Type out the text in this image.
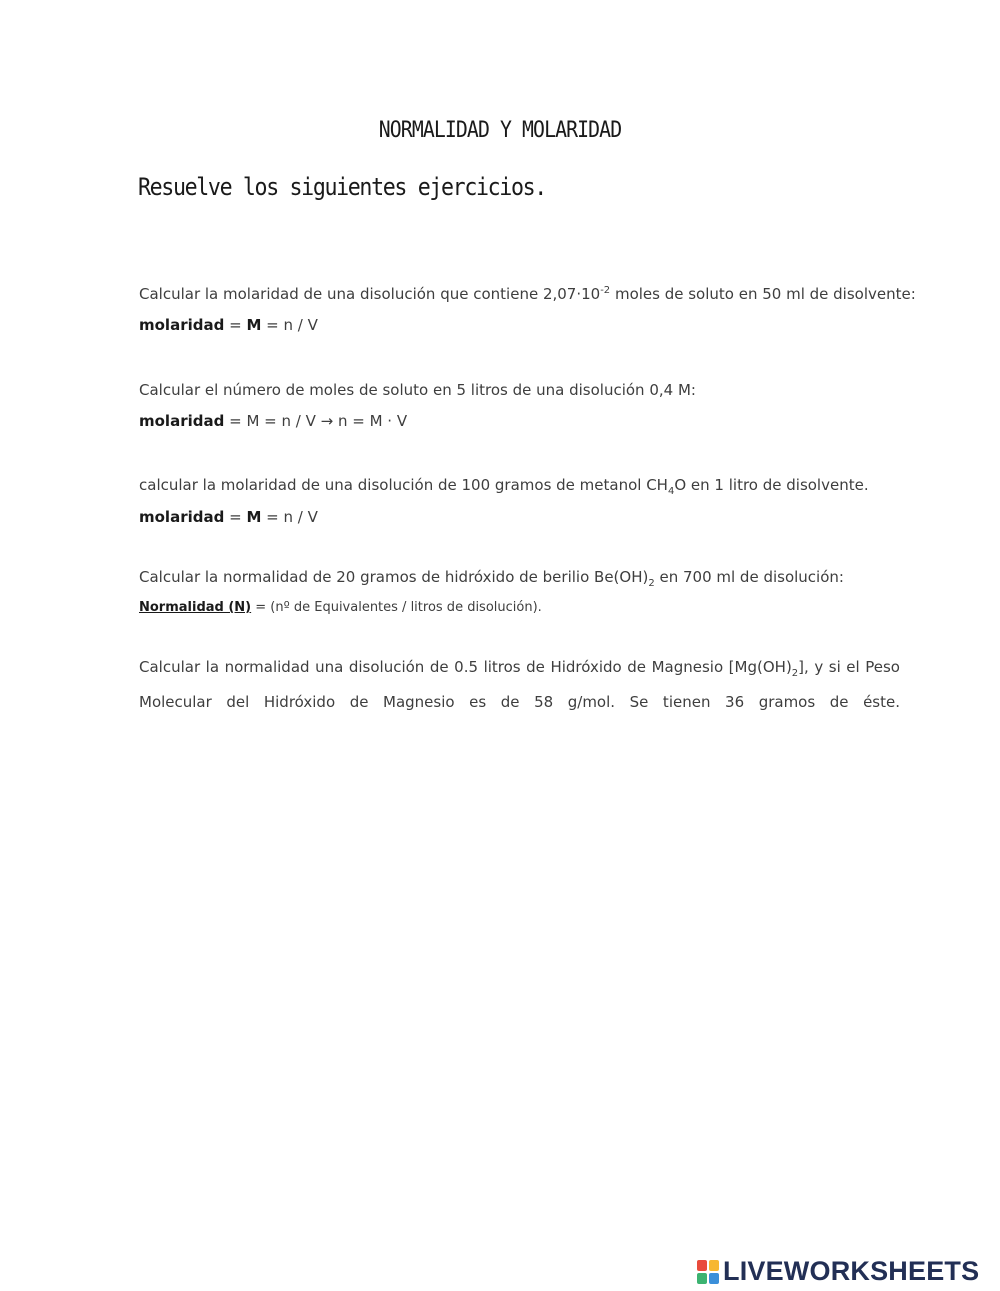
NORMALIDAD Y MOLARIDAD
Resuelve los siguientes ejercicios.
Calcular la molaridad de una disolución que contiene $2,07\cdot 10^{-2}$ moles de soluto en 50 ml de disolvente:
molaridad = M = n / V
Calcular el número de moles de soluto en 5 litros de una disolución 0,4 M:
molaridad = M = n / V → n = M · V
calcular la molaridad de una disolución de 100 gramos de metanol $CH_4O$ en 1 litro de disolvente.
molaridad = M = n / V
Calcular la normalidad de 20 gramos de hidróxido de berilio $Be(OH)_2$ en 700 ml de disolución:
Normalidad (N) = (nº de Equivalentes / litros de disolución).
Calcular la normalidad una disolución de 0.5 litros de Hidróxido de Magnesio $[Mg(OH)_2]$, y si el Peso
Molecular del Hidróxido de Magnesio es de 58 g/mol. Se tienen 36 gramos de éste.
LIVEWORKSHEETS
